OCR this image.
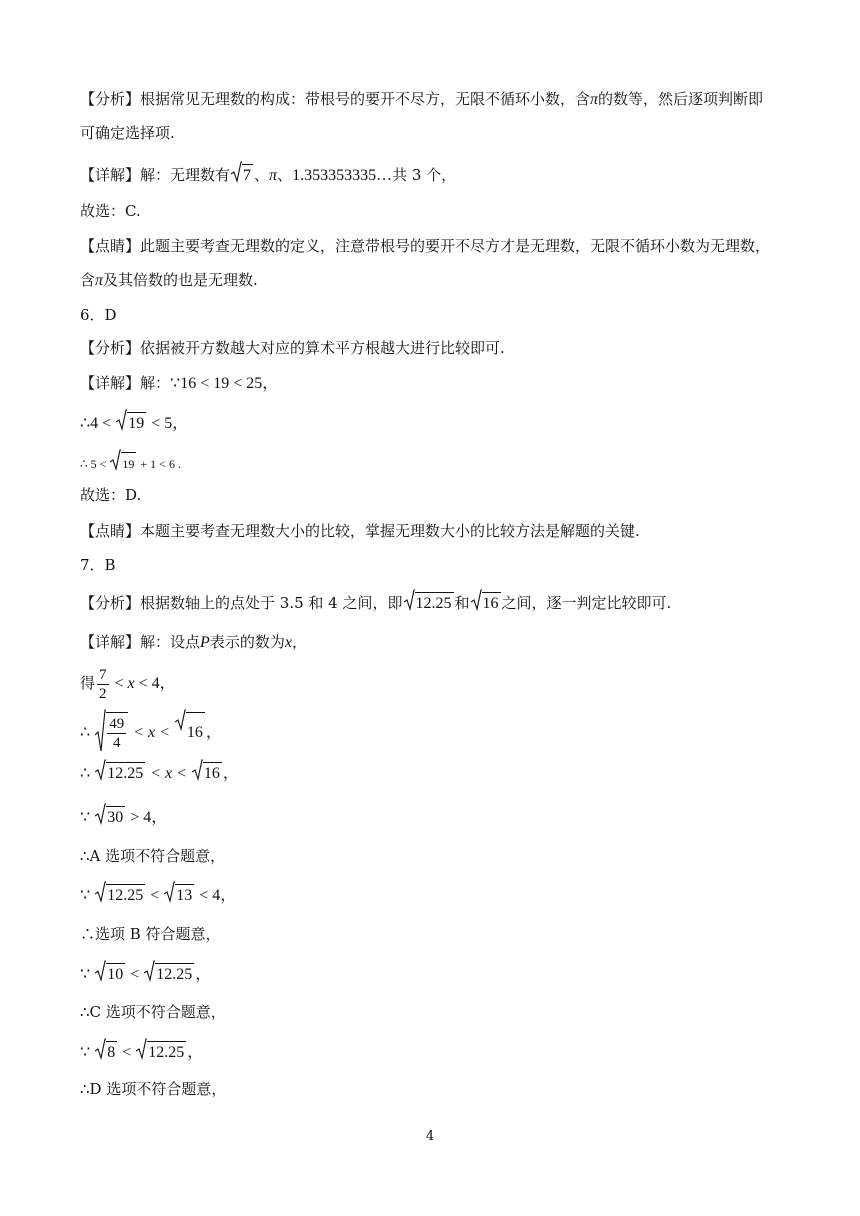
【分析】根据常见无理数的构成：带根号的要开不尽方，无限不循环小数，含π的数等，然后逐项判断即
可确定选择项.
【详解】解：无理数有 7 、π、1.353353335…共 3 个，
故选：C.
【点睛】此题主要考查无理数的定义，注意带根号的要开不尽方才是无理数，无限不循环小数为无理数，
含π及其倍数的也是无理数.
6．D
【分析】依据被开方数越大对应的算术平方根越大进行比较即可.
【详解】解：∵16 < 19 < 25，
∴4 < 19 < 5，
∴ 5 < 19 + 1 < 6 .
故选：D.
【点睛】本题主要考查无理数大小的比较，掌握无理数大小的比较方法是解题的关键.
7．B
【分析】根据数轴上的点处于 3.5 和 4 之间，即 12.25 和 16 之间，逐一判定比较即可.
【详解】解：设点P表示的数为x，
得 $\frac{7}{2} < x < 4$，
∴ $\frac{49}{4} < x < 16$ ，
∴ 12.25 < x < 16 ，
∵ 30 > 4，
∴A 选项不符合题意，
∵ 12.25 < 13 < 4，
∴选项 B 符合题意，
∵ 10 < 12.25 ，
∴C 选项不符合题意，
∵ 8 < 12.25 ，
∴D 选项不符合题意，
4
